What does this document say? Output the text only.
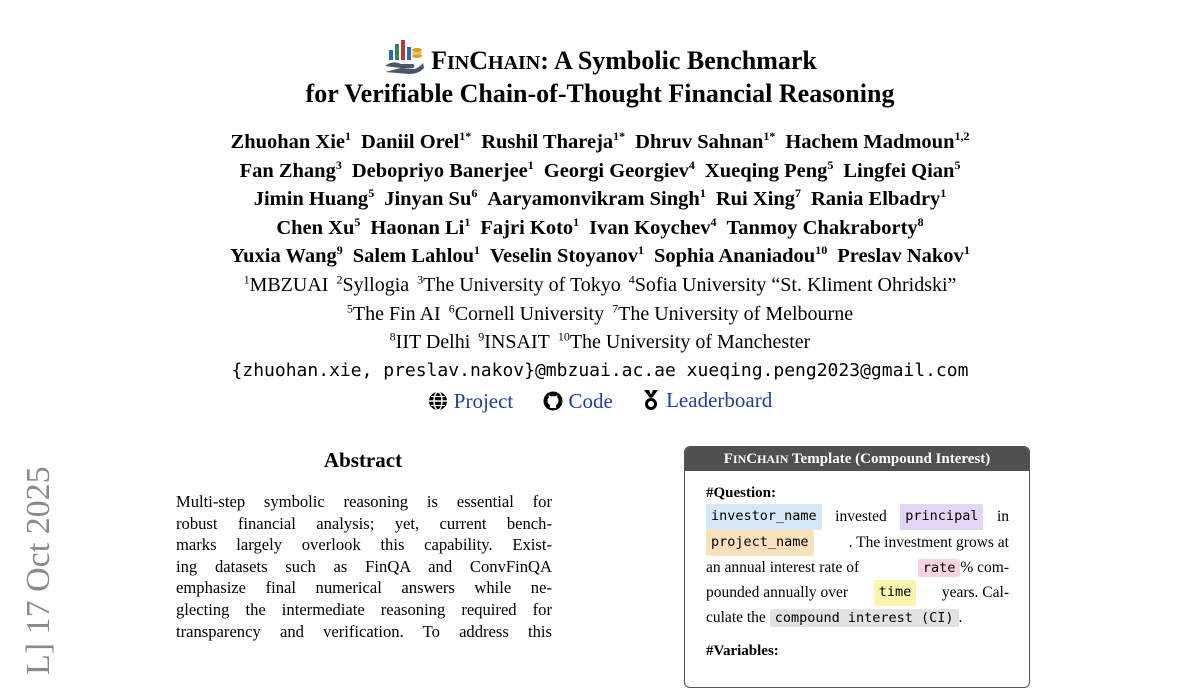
L] 17 Oct 2025
FINCHAIN: A Symbolic Benchmark
for Verifiable Chain-of-Thought Financial Reasoning
Zhuohan Xie$^1$ Daniil Orel$^{1*}$ Rushil Thareja$^{1*}$ Dhruv Sahnan$^{1*}$ Hachem Madmoun$^{1,2}$
Fan Zhang$^3$ Debopriyo Banerjee$^1$ Georgi Georgiev$^4$ Xueqing Peng$^5$ Lingfei Qian$^5$
Jimin Huang$^5$ Jinyan Su$^6$ Aaryamonvikram Singh$^1$ Rui Xing$^7$ Rania Elbadry$^1$
Chen Xu$^5$ Haonan Li$^1$ Fajri Koto$^1$ Ivan Koychev$^4$ Tanmoy Chakraborty$^8$
Yuxia Wang$^9$ Salem Lahlou$^1$ Veselin Stoyanov$^1$ Sophia Ananiadou$^{10}$ Preslav Nakov$^1$
$^1$MBZUAI $^2$Syllogia $^3$The University of Tokyo $^4$Sofia University “St. Kliment Ohridski”
$^5$The Fin AI $^6$Cornell University $^7$The University of Melbourne
$^8$IIT Delhi $^9$INSAIT $^{10}$The University of Manchester
{zhuohan.xie, preslav.nakov}@mbzuai.ac.ae xueqing.peng2023@gmail.com
Project
	Code
	Leaderboard
Abstract
Multi-step symbolic reasoning is essential for
robust financial analysis; yet, current bench-
marks largely overlook this capability. Exist-
ing datasets such as FinQA and ConvFinQA
emphasize final numerical answers while ne-
glecting the intermediate reasoning required for
transparency and verification. To address this
FINCHAIN Template (Compound Interest)
#Question:
investor_name	invested	principal	in
project_name	. The investment grows at
an annual interest rate of	rate % com-
pounded annually over	time	years. Cal-
culate the compound interest (CI) .
#Variables:
